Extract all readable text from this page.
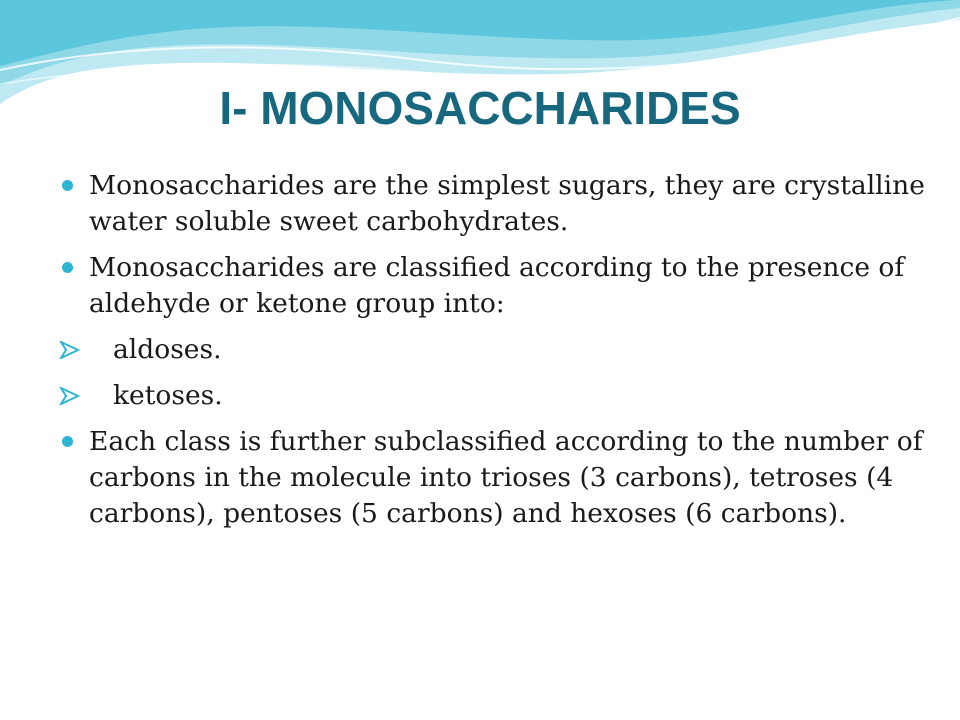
I- MONOSACCHARIDES
Monosaccharides are the simplest sugars, they are crystalline water soluble sweet carbohydrates.
Monosaccharides are classified according to the presence of aldehyde or ketone group into:
aldoses.
ketoses.
Each class is further subclassified according to the number of carbons in the molecule into trioses (3 carbons), tetroses (4 carbons), pentoses (5 carbons) and hexoses (6 carbons).
